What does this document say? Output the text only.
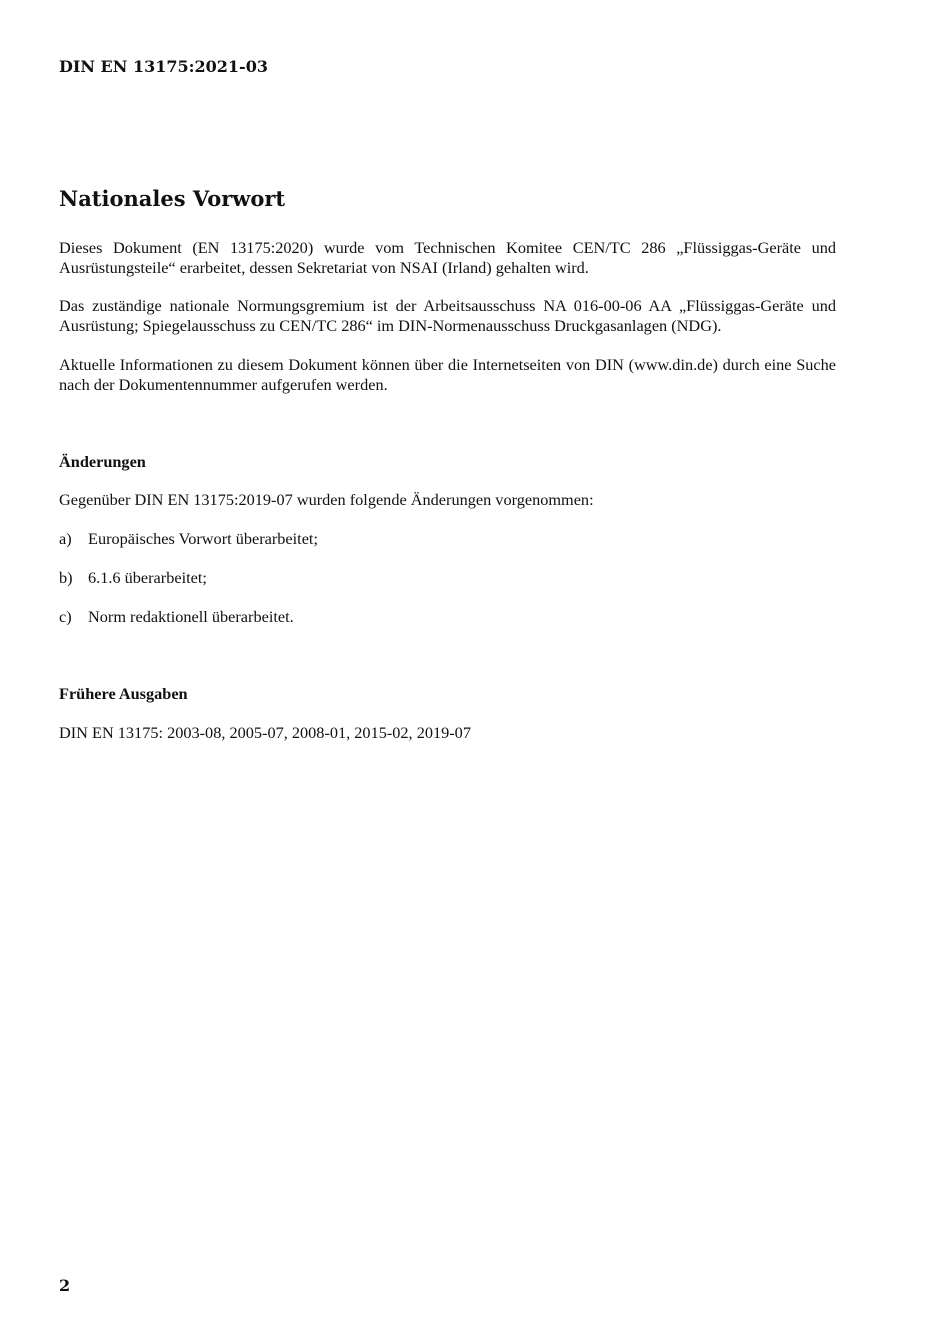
DIN EN 13175:2021-03
Nationales Vorwort

Dieses Dokument (EN 13175:2020) wurde vom Technischen Komitee CEN/TC 286 „Flüssiggas-Geräte und Ausrüstungsteile“ erarbeitet, dessen Sekretariat von NSAI (Irland) gehalten wird.

Das zuständige nationale Normungsgremium ist der Arbeitsausschuss NA 016-00-06 AA „Flüssiggas-Geräte und Ausrüstung; Spiegelausschuss zu CEN/TC 286“ im DIN-Normenausschuss Druckgasanlagen (NDG).

Aktuelle Informationen zu diesem Dokument können über die Internetseiten von DIN (www.din.de) durch eine Suche nach der Dokumentennummer aufgerufen werden.

Änderungen

Gegenüber DIN EN 13175:2019-07 wurden folgende Änderungen vorgenommen:

a) Europäisches Vorwort überarbeitet;
b) 6.1.6 überarbeitet;
c) Norm redaktionell überarbeitet.
Frühere Ausgaben

DIN EN 13175: 2003-08, 2005-07, 2008-01, 2015-02, 2019-07

2
